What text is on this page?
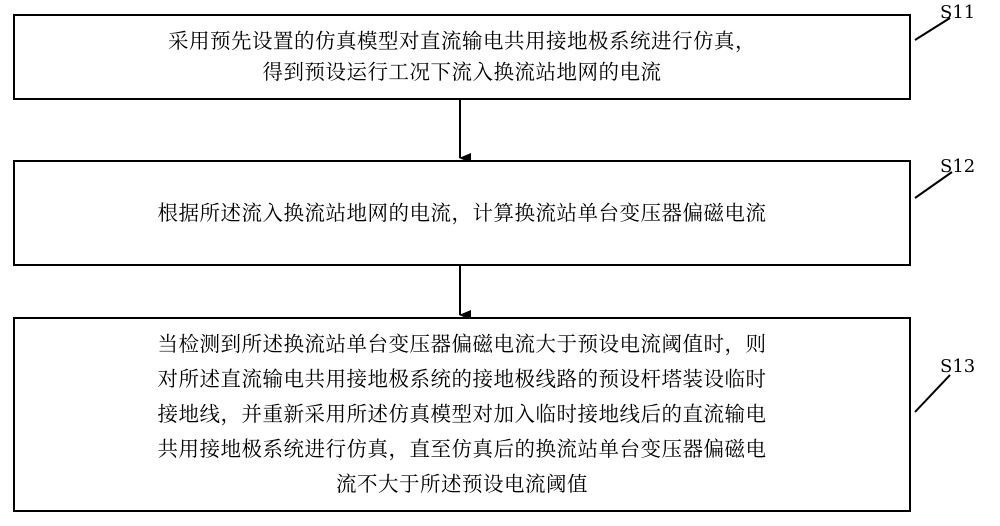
采用预先设置的仿真模型对直流输电共用接地极系统进行仿真，
得到预设运行工况下流入换流站地网的电流
根据所述流入换流站地网的电流，计算换流站单台变压器偏磁电流
当检测到所述换流站单台变压器偏磁电流大于预设电流阈值时，则
对所述直流输电共用接地极系统的接地极线路的预设杆塔装设临时
接地线，并重新采用所述仿真模型对加入临时接地线后的直流输电
共用接地极系统进行仿真，直至仿真后的换流站单台变压器偏磁电
流不大于所述预设电流阈值
S11
S12
S13
